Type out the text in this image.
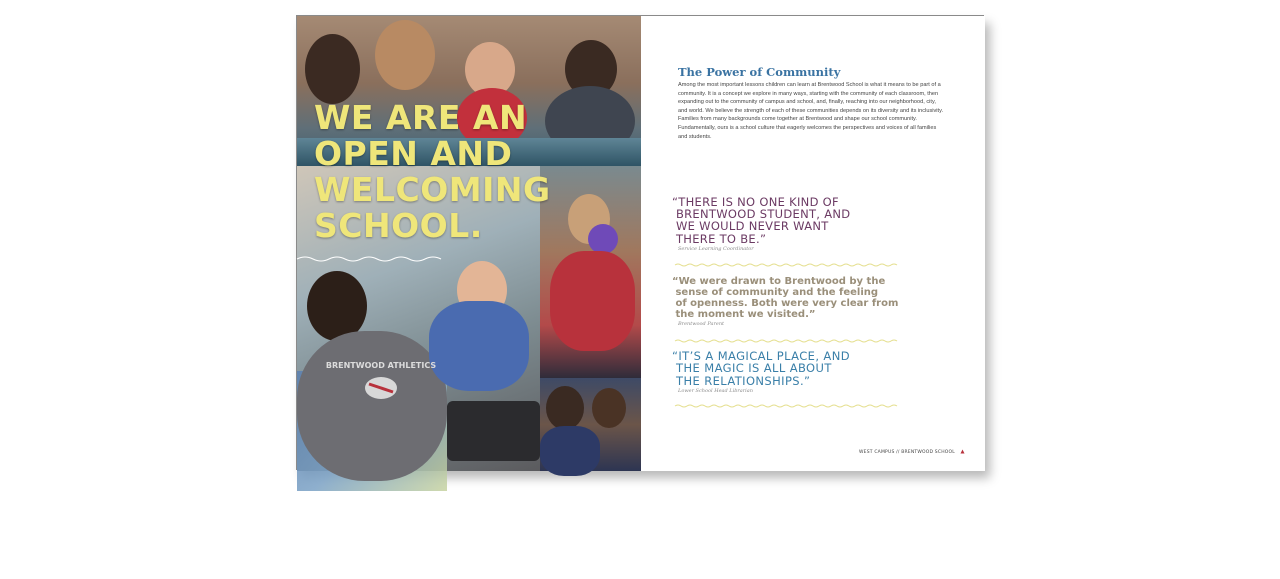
WE ARE AN
OPEN AND
WELCOMING
SCHOOL.
BRENTWOOD ATHLETICS
The Power of Community

Among the most important lessons children can learn at Brentwood School is what it means to be part of a community. It is a concept we explore in many ways, starting with the community of each classroom, then expanding out to the community of campus and school, and, finally, reaching into our neighborhood, city, and world. We believe the strength of each of these communities depends on its diversity and its inclusivity. Families from many backgrounds come together at Brentwood and shape our school community. Fundamentally, ours is a school culture that eagerly welcomes the perspectives and voices of all families and students.

“THERE IS NO ONE KIND OF
BRENTWOOD STUDENT, AND
WE WOULD NEVER WANT
THERE TO BE.”
Service Learning Coordinator
“We were drawn to Brentwood by the
sense of community and the feeling
of openness. Both were very clear from
the moment we visited.”
Brentwood Parent
“IT’S A MAGICAL PLACE, AND
THE MAGIC IS ALL ABOUT
THE RELATIONSHIPS.”
Lower School Head Librarian
WEST CAMPUS // BRENTWOOD SCHOOL
